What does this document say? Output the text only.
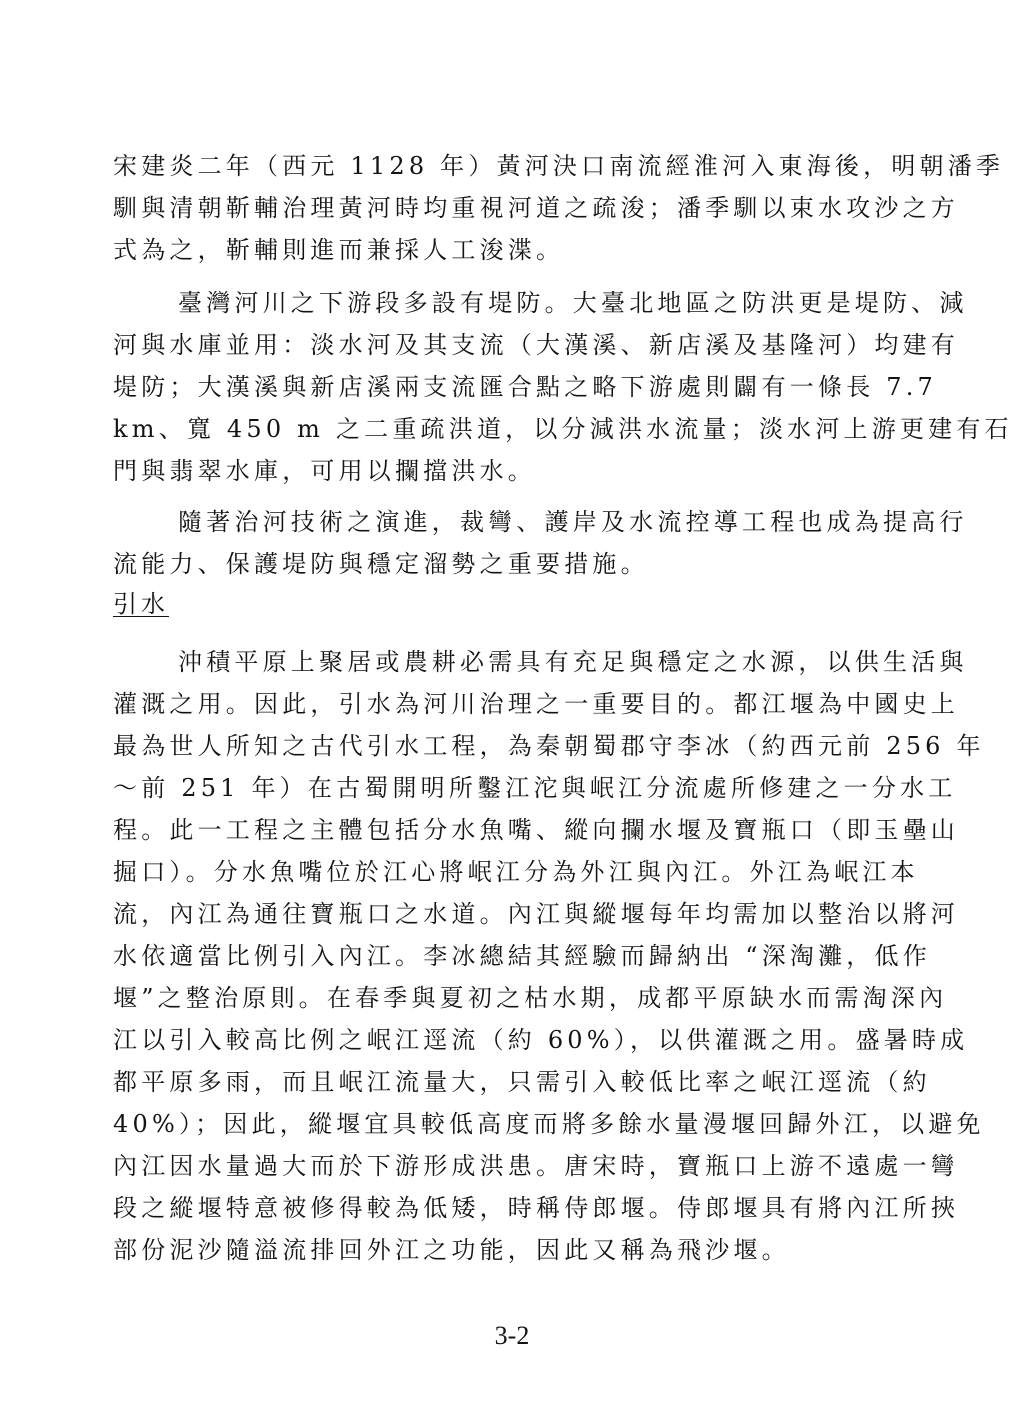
宋建炎二年（西元 1128 年）黃河決口南流經淮河入東海後，明朝潘季
馴與清朝靳輔治理黃河時均重視河道之疏浚；潘季馴以束水攻沙之方
式為之，靳輔則進而兼採人工浚渫。
臺灣河川之下游段多設有堤防。大臺北地區之防洪更是堤防、減
河與水庫並用：淡水河及其支流（大漢溪、新店溪及基隆河）均建有
堤防；大漢溪與新店溪兩支流匯合點之略下游處則闢有一條長 7.7
km、寬 450 m 之二重疏洪道，以分減洪水流量；淡水河上游更建有石
門與翡翠水庫，可用以攔擋洪水。
隨著治河技術之演進，裁彎、護岸及水流控導工程也成為提高行
流能力、保護堤防與穩定溜勢之重要措施。
引水
沖積平原上聚居或農耕必需具有充足與穩定之水源，以供生活與
灌溉之用。因此，引水為河川治理之一重要目的。都江堰為中國史上
最為世人所知之古代引水工程，為秦朝蜀郡守李冰（約西元前 256 年
～前 251 年）在古蜀開明所鑿江沱與岷江分流處所修建之一分水工
程。此一工程之主體包括分水魚嘴、縱向攔水堰及寶瓶口（即玉壘山
掘口）。分水魚嘴位於江心將岷江分為外江與內江。外江為岷江本
流，內江為通往寶瓶口之水道。內江與縱堰每年均需加以整治以將河
水依適當比例引入內江。李冰總結其經驗而歸納出 “深淘灘，低作
堰”之整治原則。在春季與夏初之枯水期，成都平原缺水而需淘深內
江以引入較高比例之岷江逕流（約 60%），以供灌溉之用。盛暑時成
都平原多雨，而且岷江流量大，只需引入較低比率之岷江逕流（約
40%）；因此，縱堰宜具較低高度而將多餘水量漫堰回歸外江，以避免
內江因水量過大而於下游形成洪患。唐宋時，寶瓶口上游不遠處一彎
段之縱堰特意被修得較為低矮，時稱侍郎堰。侍郎堰具有將內江所挾
部份泥沙隨溢流排回外江之功能，因此又稱為飛沙堰。
3-2
